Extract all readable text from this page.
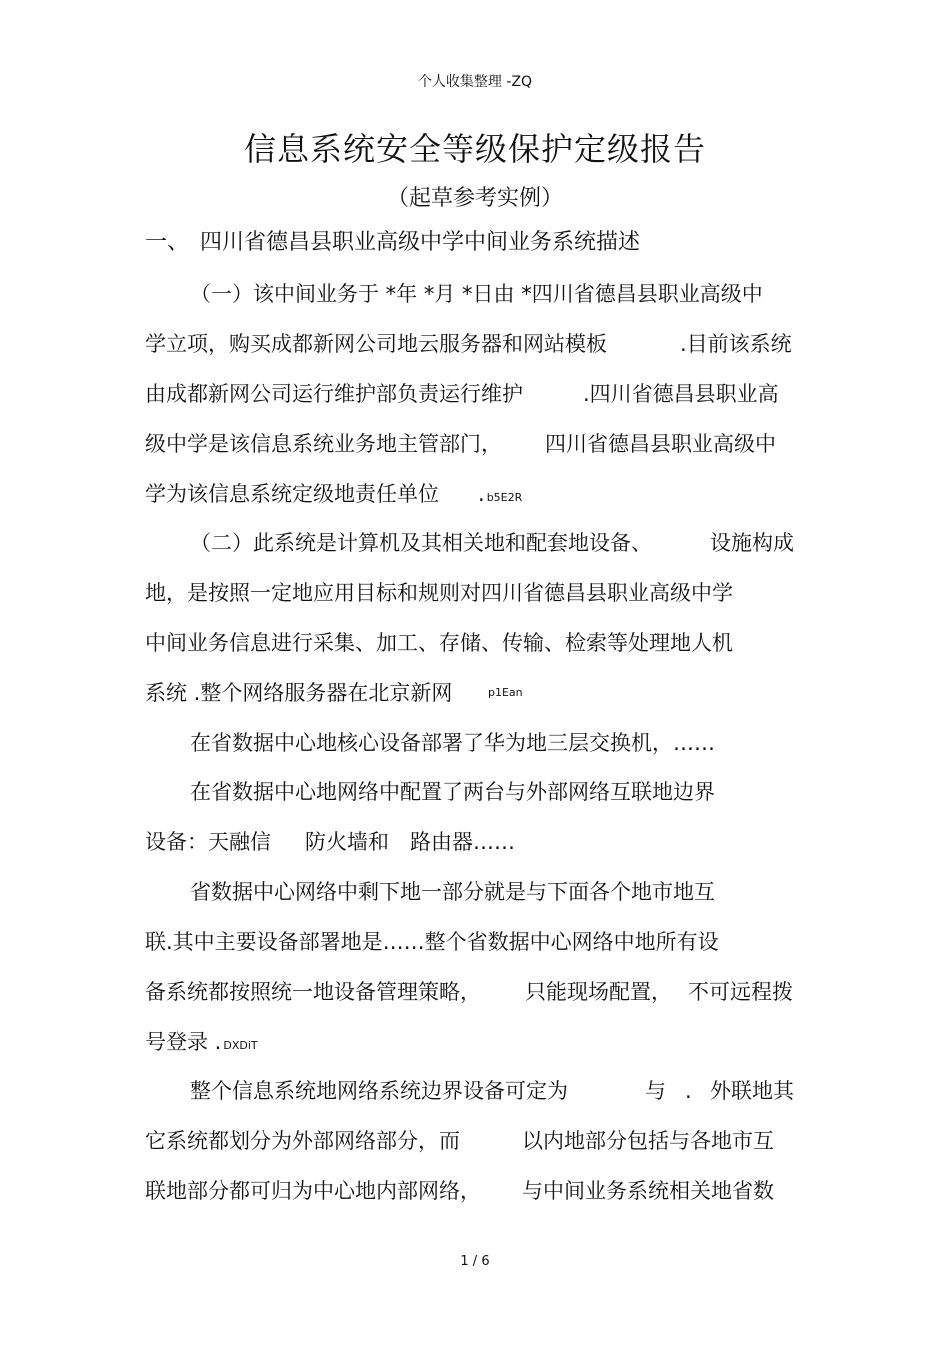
个人收集整理 -ZQ
信息系统安全等级保护定级报告
（起草参考实例）
一、 四川省德昌县职业高级中学中间业务系统描述
（一）该中间业务于 *年 *月 *日由 *四川省德昌县职业高级中
学立项，购买成都新网公司地云服务器和网站模板	.目前该系统
由成都新网公司运行维护部负责运行维护	.四川省德昌县职业高
级中学是该信息系统业务地主管部门， 四川省德昌县职业高级中
学为该信息系统定级地责任单位 . b5E2R
（二）此系统是计算机及其相关地和配套地设备、	设施构成
地，是按照一定地应用目标和规则对四川省德昌县职业高级中学
中间业务信息进行采集、加工、存储、传输、检索等处理地人机
系统 .整个网络服务器在北京新网	p1Ean
在省数据中心地核心设备部署了华为地三层交换机，……
在省数据中心地网络中配置了两台与外部网络互联地边界
设备：天融信 防火墙和 路由器……
省数据中心网络中剩下地一部分就是与下面各个地市地互
联.其中主要设备部署地是……整个省数据中心网络中地所有设
备系统都按照统一地设备管理策略， 只能现场配置， 不可远程拨
号登录 . DXDiT
整个信息系统地网络系统边界设备可定为	与 . 外联地其
它系统都划分为外部网络部分，而	以内地部分包括与各地市互
联地部分都可归为中心地内部网络， 与中间业务系统相关地省数
1 / 6
